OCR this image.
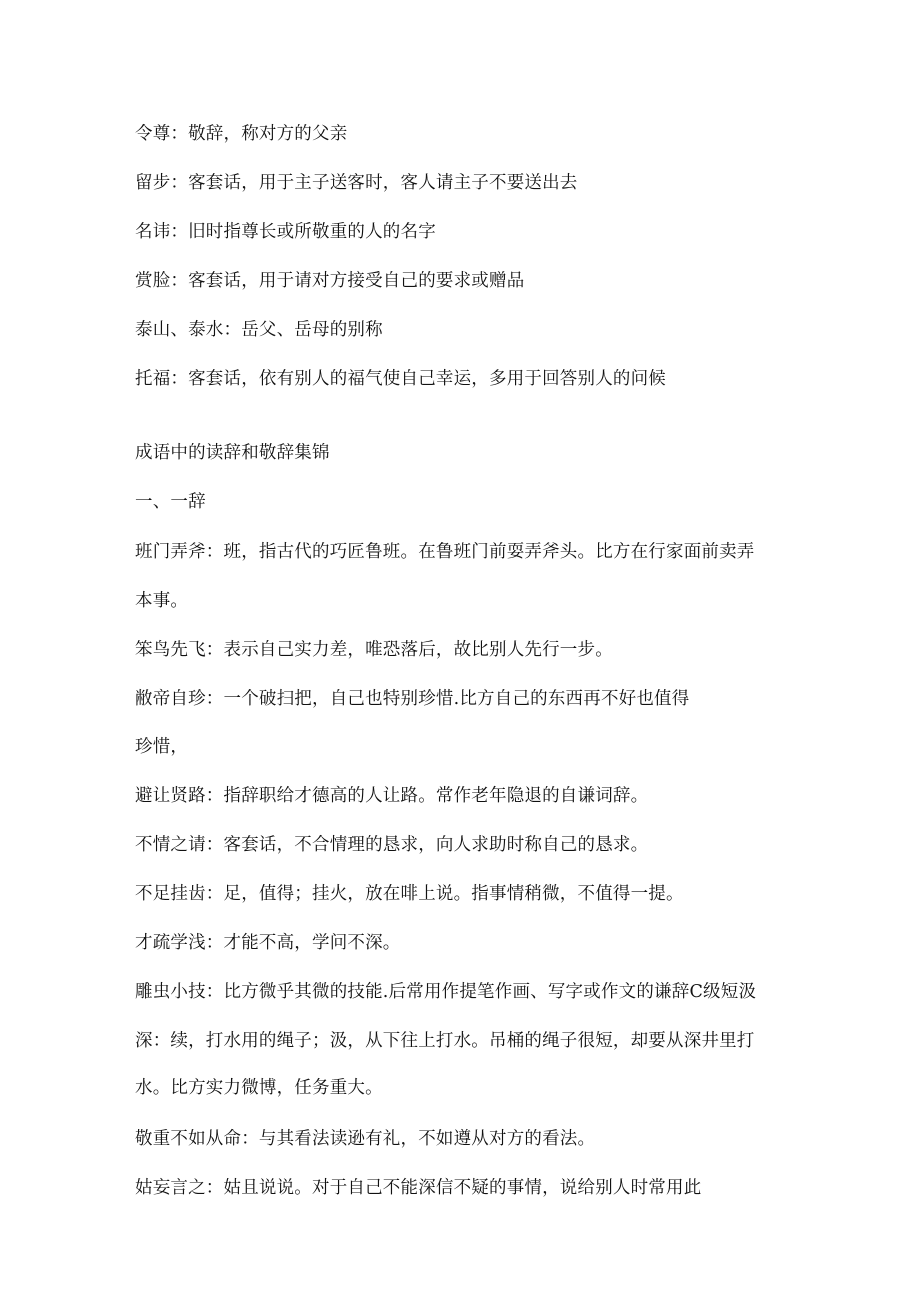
令尊：敬辞，称对方的父亲
留步：客套话，用于主子送客时，客人请主子不要送出去
名讳：旧时指尊长或所敬重的人的名字
赏脸：客套话，用于请对方接受自己的要求或赠品
泰山、泰水：岳父、岳母的别称
托福：客套话，依有别人的福气使自己幸运，多用于回答别人的问候
成语中的读辞和敬辞集锦
一、一辞
班门弄斧：班，指古代的巧匠鲁班。在鲁班门前耍弄斧头。比方在行家面前卖弄
本事。
笨鸟先飞：表示自己实力差，唯恐落后，故比别人先行一步。
敝帝自珍：一个破扫把，自己也特别珍惜.比方自己的东西再不好也值得
珍惜，
避让贤路：指辞职给才德高的人让路。常作老年隐退的自谦词辞。
不情之请：客套话，不合情理的恳求，向人求助时称自己的恳求。
不足挂齿：足，值得；挂火，放在啡上说。指事情稍微，不值得一提。
才疏学浅：才能不高，学问不深。
雕虫小技：比方微乎其微的技能.后常用作提笔作画、写字或作文的谦辞C级短汲
深：续，打水用的绳子；汲，从下往上打水。吊桶的绳子很短，却要从深井里打
水。比方实力微博，任务重大。
敬重不如从命：与其看法读逊有礼，不如遵从对方的看法。
姑妄言之：姑且说说。对于自己不能深信不疑的事情，说给别人时常用此
